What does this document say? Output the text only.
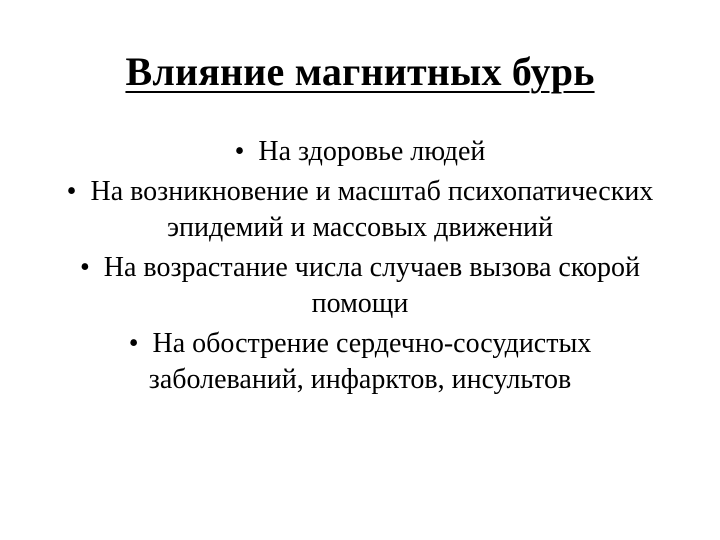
Влияние магнитных бурь
• На здоровье людей
• На возникновение и масштаб психопатических эпидемий и массовых движений
• На возрастание числа случаев вызова скорой помощи
• На обострение сердечно-сосудистых заболеваний, инфарктов, инсультов
